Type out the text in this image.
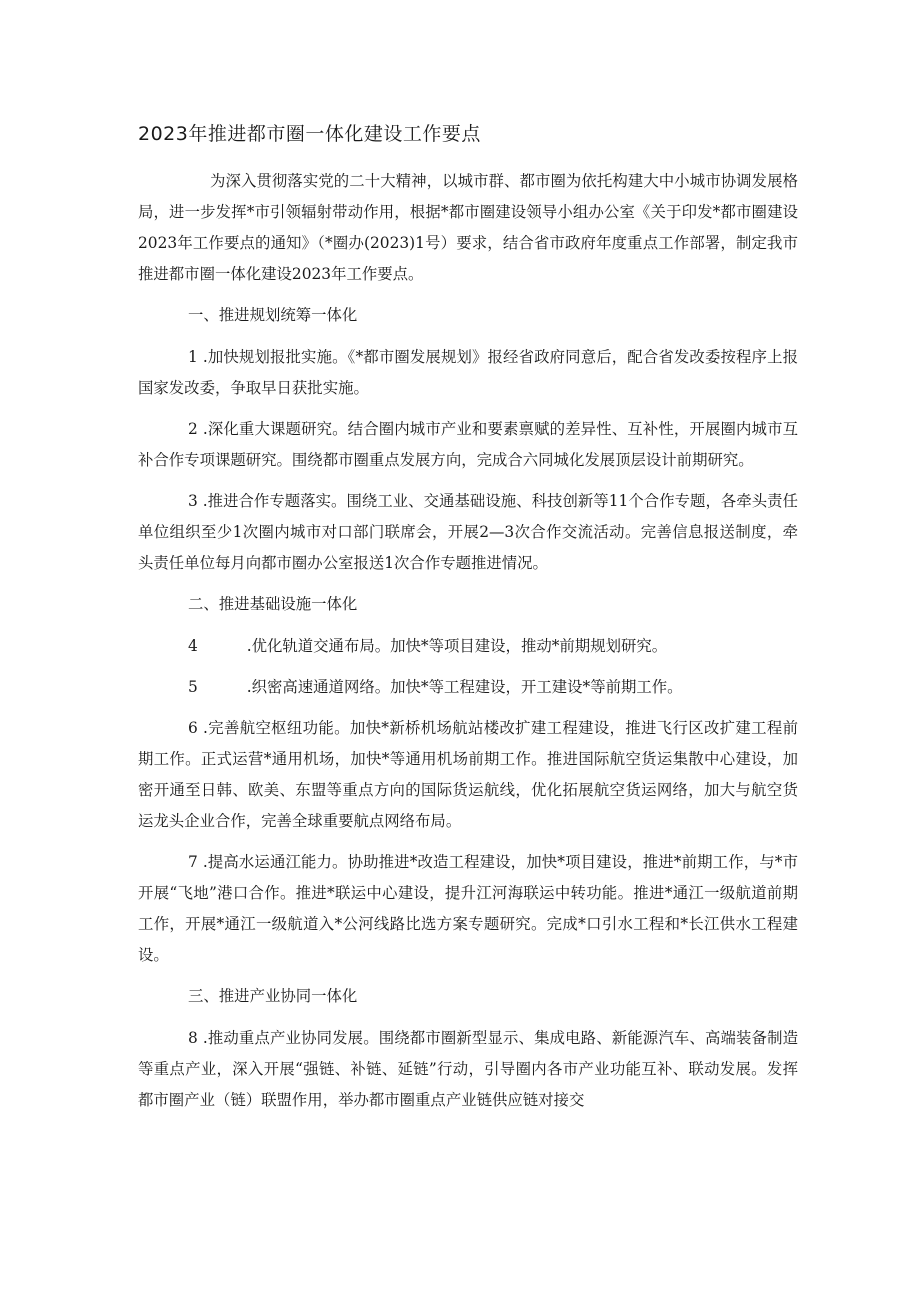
2023年推进都市圈一体化建设工作要点

为深入贯彻落实党的二十大精神，以城市群、都市圈为依托构建大中小城市协调发展格局，进一步发挥*市引领辐射带动作用，根据*都市圈建设领导小组办公室《关于印发*都市圈建设2023年工作要点的通知》（*圈办(2023)1号）要求，结合省市政府年度重点工作部署，制定我市推进都市圈一体化建设2023年工作要点。

一、推进规划统筹一体化

1 .加快规划报批实施。《*都市圈发展规划》报经省政府同意后，配合省发改委按程序上报国家发改委，争取早日获批实施。

2 .深化重大课题研究。结合圈内城市产业和要素禀赋的差异性、互补性，开展圈内城市互补合作专项课题研究。围绕都市圈重点发展方向，完成合六同城化发展顶层设计前期研究。

3 .推进合作专题落实。围绕工业、交通基础设施、科技创新等11个合作专题，各牵头责任单位组织至少1次圈内城市对口部门联席会，开展2—3次合作交流活动。完善信息报送制度，牵头责任单位每月向都市圈办公室报送1次合作专题推进情况。

二、推进基础设施一体化

4          .优化轨道交通布局。加快*等项目建设，推动*前期规划研究。

5          .织密高速通道网络。加快*等工程建设，开工建设*等前期工作。

6 .完善航空枢纽功能。加快*新桥机场航站楼改扩建工程建设，推进飞行区改扩建工程前期工作。正式运营*通用机场，加快*等通用机场前期工作。推进国际航空货运集散中心建设，加密开通至日韩、欧美、东盟等重点方向的国际货运航线，优化拓展航空货运网络，加大与航空货运龙头企业合作，完善全球重要航点网络布局。

7 .提高水运通江能力。协助推进*改造工程建设，加快*项目建设，推进*前期工作，与*市开展“飞地”港口合作。推进*联运中心建设，提升江河海联运中转功能。推进*通江一级航道前期工作，开展*通江一级航道入*公河线路比选方案专题研究。完成*口引水工程和*长江供水工程建设。

三、推进产业协同一体化

8 .推动重点产业协同发展。围绕都市圈新型显示、集成电路、新能源汽车、高端装备制造等重点产业，深入开展“强链、补链、延链”行动，引导圈内各市产业功能互补、联动发展。发挥都市圈产业（链）联盟作用，举办都市圈重点产业链供应链对接交
